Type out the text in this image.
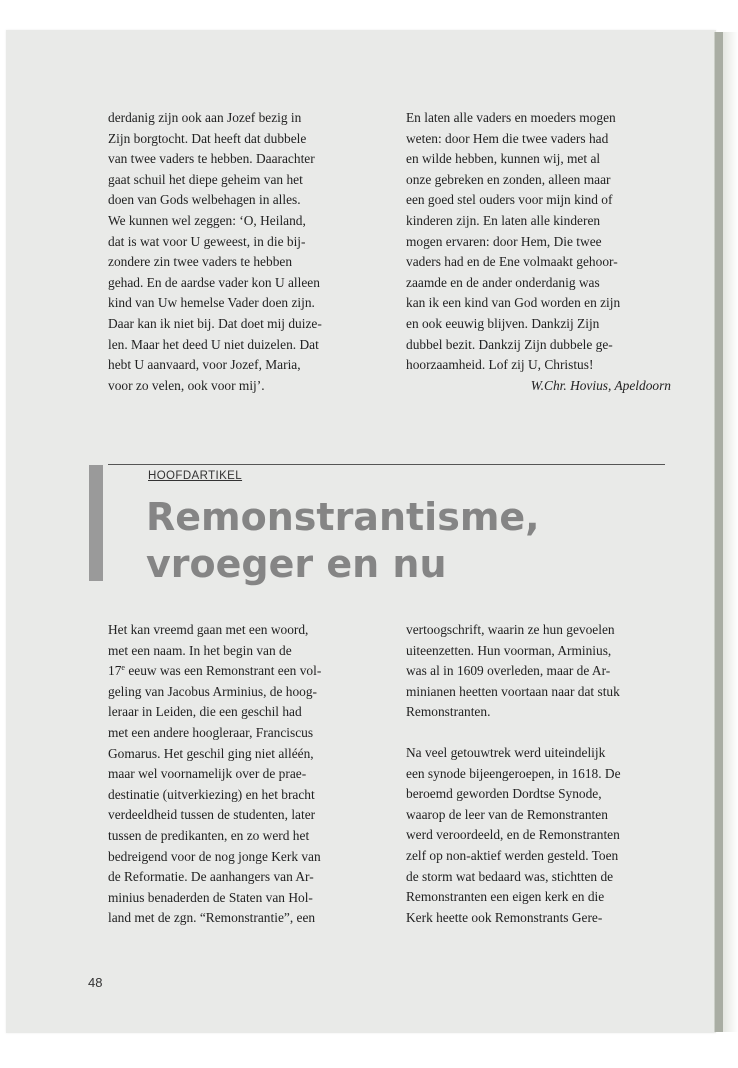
derdanig zijn ook aan Jozef bezig in
Zijn borgtocht. Dat heeft dat dubbele
van twee vaders te hebben. Daarachter
gaat schuil het diepe geheim van het
doen van Gods welbehagen in alles.
We kunnen wel zeggen: ‘O, Heiland,
dat is wat voor U geweest, in die bij-
zondere zin twee vaders te hebben
gehad. En de aardse vader kon U alleen
kind van Uw hemelse Vader doen zijn.
Daar kan ik niet bij. Dat doet mij duize-
len. Maar het deed U niet duizelen. Dat
hebt U aanvaard, voor Jozef, Maria,
voor zo velen, ook voor mij’.
En laten alle vaders en moeders mogen
weten: door Hem die twee vaders had
en wilde hebben, kunnen wij, met al
onze gebreken en zonden, alleen maar
een goed stel ouders voor mijn kind of
kinderen zijn. En laten alle kinderen
mogen ervaren: door Hem, Die twee
vaders had en de Ene volmaakt gehoor-
zaamde en de ander onderdanig was
kan ik een kind van God worden en zijn
en ook eeuwig blijven. Dankzij Zijn
dubbel bezit. Dankzij Zijn dubbele ge-
hoorzaamheid. Lof zij U, Christus!
W.Chr. Hovius, Apeldoorn
HOOFDARTIKEL
Remonstrantisme,
vroeger en nu
Het kan vreemd gaan met een woord,
met een naam. In het begin van de
17e eeuw was een Remonstrant een vol-
geling van Jacobus Arminius, de hoog-
leraar in Leiden, die een geschil had
met een andere hoogleraar, Franciscus
Gomarus. Het geschil ging niet alléén,
maar wel voornamelijk over de prae-
destinatie (uitverkiezing) en het bracht
verdeeldheid tussen de studenten, later
tussen de predikanten, en zo werd het
bedreigend voor de nog jonge Kerk van
de Reformatie. De aanhangers van Ar-
minius benaderden de Staten van Hol-
land met de zgn. “Remonstrantie”, een
vertoogschrift, waarin ze hun gevoelen
uiteenzetten. Hun voorman, Arminius,
was al in 1609 overleden, maar de Ar-
minianen heetten voortaan naar dat stuk
Remonstranten.
Na veel getouwtrek werd uiteindelijk
een synode bijeengeroepen, in 1618. De
beroemd geworden Dordtse Synode,
waarop de leer van de Remonstranten
werd veroordeeld, en de Remonstranten
zelf op non-aktief werden gesteld. Toen
de storm wat bedaard was, stichtten de
Remonstranten een eigen kerk en die
Kerk heette ook Remonstrants Gere-
48
